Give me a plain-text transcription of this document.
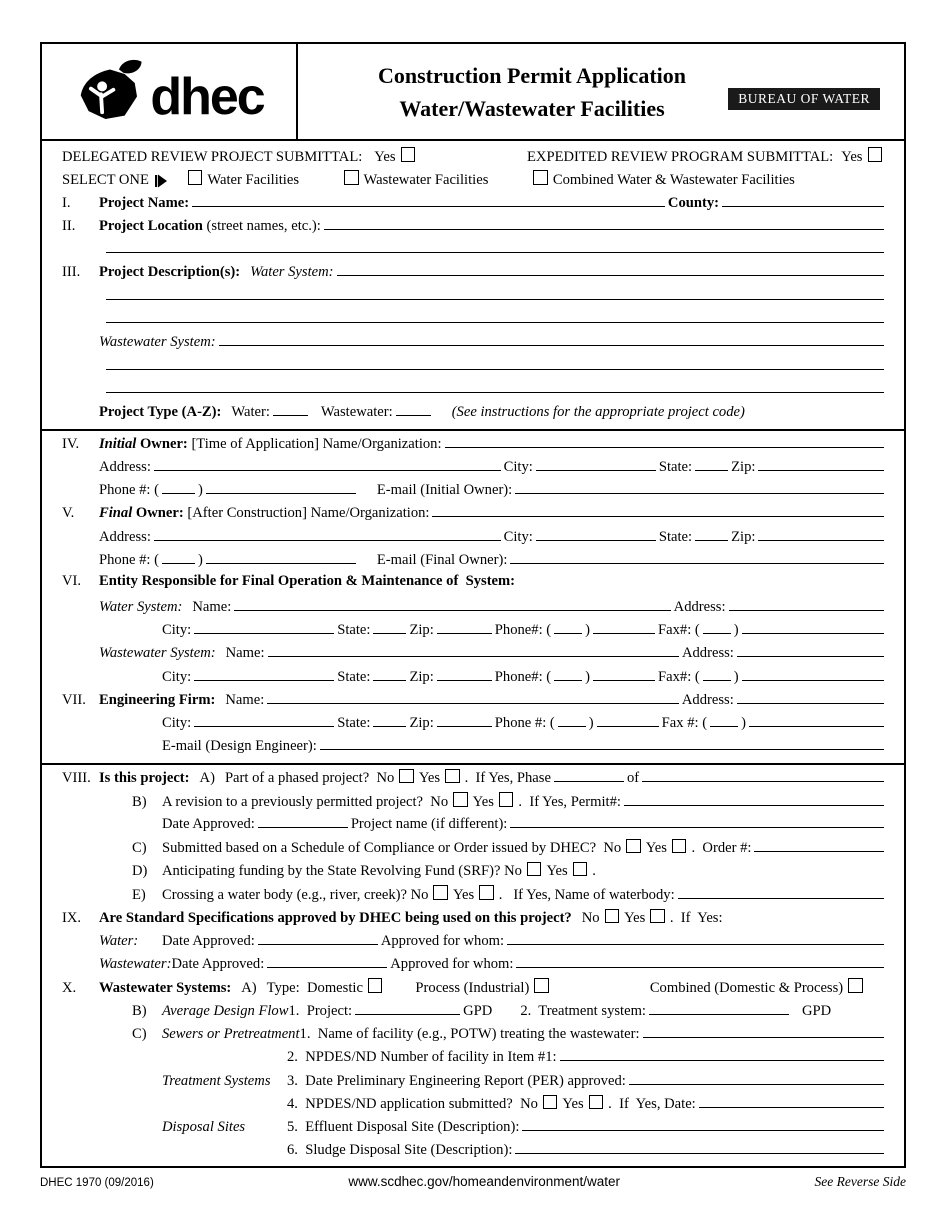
dhec	Construction Permit Application
Water/Wastewater Facilities	BUREAU OF WATER
DELEGATED REVIEW PROJECT SUBMITTAL: Yes	EXPEDITED REVIEW PROGRAM SUBMITTAL: Yes
SELECT ONE	Water Facilities	Wastewater Facilities	Combined Water & Wastewater Facilities
I.	Project Name:	County:
II.	Project Location (street names, etc.):

III.	Project Description(s): Water System:

Wastewater System:

Project Type (A-Z): Water:	Wastewater:	(See instructions for the appropriate project code)
IV.	Initial Owner: [Time of Application] Name/Organization:
Address:	City:	State:	Zip:
Phone #: (	)	E-mail (Initial Owner):
V.	Final Owner: [After Construction] Name/Organization:
Address:	City:	State:	Zip:
Phone #: (	)	E-mail (Final Owner):
VI.	Entity Responsible for Final Operation & Maintenance of  System:
Water System: Name:	Address:
City:	State:	Zip:	Phone#: ( )	Fax#: ( )
Wastewater System: Name:	Address:
City:	State:	Zip:	Phone#: ( )	Fax#: ( )
VII. Engineering Firm: Name:	Address:
City:	State:	Zip:	Phone #: ( )	Fax #: ( )
E-mail (Design Engineer):
VIII. Is this project: A) Part of a phased project?  No Yes .  If Yes, Phase	of
B)	A revision to a previously permitted project?  No Yes .  If Yes, Permit#:
Date Approved:	Project name (if different):
C)	Submitted based on a Schedule of Compliance or Order issued by DHEC?  No Yes .  Order #:
D) Anticipating funding by the State Revolving Fund (SRF)? No Yes .
E)	Crossing a water body (e.g., river, creek)? No Yes .   If Yes, Name of waterbody:
IX.	Are Standard Specifications approved by DHEC being used on this project? No Yes .  If  Yes:
Water:	Date Approved:	Approved for whom:
Wastewater: Date Approved:	Approved for whom:
X.	Wastewater Systems: A) Type:  Domestic	Process (Industrial)	Combined (Domestic & Process)
B)	Average Design Flow 1.  Project:	GPD 2.  Treatment system:	GPD
C)	Sewers or Pretreatment 1.  Name of facility (e.g., POTW) treating the wastewater:
2.  NPDES/ND Number of facility in Item #1:
Treatment Systems	3.  Date Preliminary Engineering Report (PER) approved:
4.  NPDES/ND application submitted?  No Yes .  If  Yes, Date:
Disposal Sites	5.  Effluent Disposal Site (Description):
6.  Sludge Disposal Site (Description):
DHEC 1970 (09/2016)	www.scdhec.gov/homeandenvironment/water	See Reverse Side
